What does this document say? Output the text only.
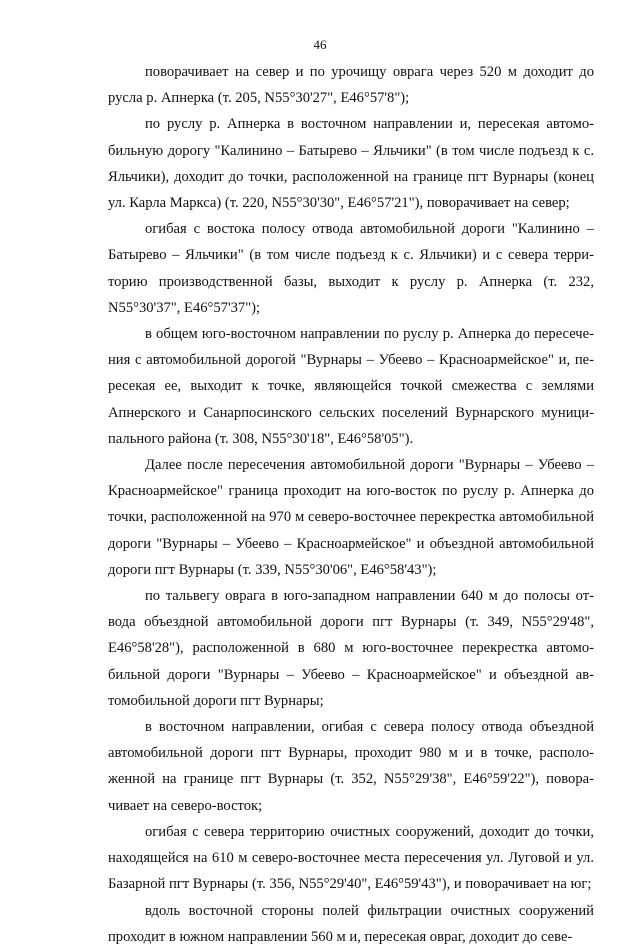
46

поворачивает на север и по урочищу оврага через 520 м доходит до русла р. Апнерка (т. 205, N55°30'27", E46°57'8");

по руслу р. Апнерка в восточном направлении и, пересекая автомобильную дорогу "Калинино – Батырево – Яльчики" (в том числе подъезд к с. Яльчики), доходит до точки, расположенной на границе пгт Вурнары (конец ул. Карла Маркса) (т. 220, N55°30'30", E46°57'21"), поворачивает на север;

огибая с востока полосу отвода автомобильной дороги "Калинино – Батырево – Яльчики" (в том числе подъезд к с. Яльчики) и с севера территорию производственной базы, выходит к руслу р. Апнерка (т. 232, N55°30'37", E46°57'37");

в общем юго-восточном направлении по руслу р. Апнерка до пересечения с автомобильной дорогой "Вурнары – Убеево – Красноармейское" и, пересекая ее, выходит к точке, являющейся точкой смежества с землями Апнерского и Санарпосинского сельских поселений Вурнарского муниципального района (т. 308, N55°30'18", E46°58'05").

Далее после пересечения автомобильной дороги "Вурнары – Убеево – Красноармейское" граница проходит на юго-восток по руслу р. Апнерка до точки, расположенной на 970 м северо-восточнее перекрестка автомобильной дороги "Вурнары – Убеево – Красноармейское" и объездной автомобильной дороги пгт Вурнары (т. 339, N55°30'06", E46°58'43");

по тальвегу оврага в юго-западном направлении 640 м до полосы отвода объездной автомобильной дороги пгт Вурнары (т. 349, N55°29'48", E46°58'28"), расположенной в 680 м юго-восточнее перекрестка автомобильной дороги "Вурнары – Убеево – Красноармейское" и объездной автомобильной дороги пгт Вурнары;

в восточном направлении, огибая с севера полосу отвода объездной автомобильной дороги пгт Вурнары, проходит 980 м и в точке, расположенной на границе пгт Вурнары (т. 352, N55°29'38", E46°59'22"), поворачивает на северо-восток;

огибая с севера территорию очистных сооружений, доходит до точки, находящейся на 610 м северо-восточнее места пересечения ул. Луговой и ул. Базарной пгт Вурнары (т. 356, N55°29'40", E46°59'43"), и поворачивает на юг;

вдоль восточной стороны полей фильтрации очистных сооружений проходит в южном направлении 560 м и, пересекая овраг, доходит до севе-
